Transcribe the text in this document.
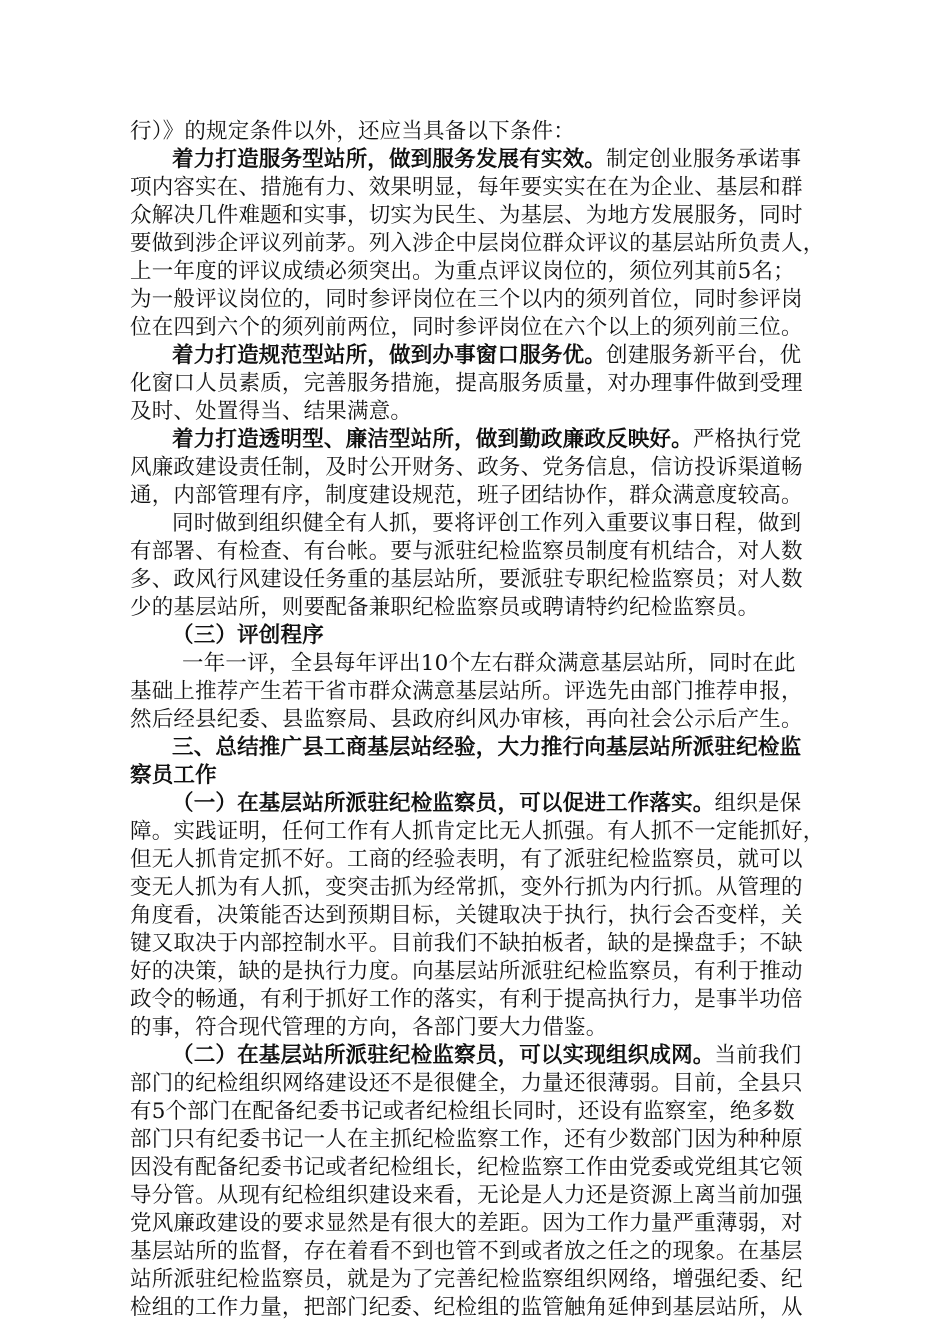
行）》的规定条件以外，还应当具备以下条件：
着力打造服务型站所，做到服务发展有实效。制定创业服务承诺事
项内容实在、措施有力、效果明显，每年要实实在在为企业、基层和群
众解决几件难题和实事，切实为民生、为基层、为地方发展服务，同时
要做到涉企评议列前茅。列入涉企中层岗位群众评议的基层站所负责人，
上一年度的评议成绩必须突出。为重点评议岗位的，须位列其前5名；
为一般评议岗位的，同时参评岗位在三个以内的须列首位，同时参评岗
位在四到六个的须列前两位，同时参评岗位在六个以上的须列前三位。
着力打造规范型站所，做到办事窗口服务优。创建服务新平台，优
化窗口人员素质，完善服务措施，提高服务质量，对办理事件做到受理
及时、处置得当、结果满意。
着力打造透明型、廉洁型站所，做到勤政廉政反映好。严格执行党
风廉政建设责任制，及时公开财务、政务、党务信息，信访投诉渠道畅
通，内部管理有序，制度建设规范，班子团结协作，群众满意度较高。
同时做到组织健全有人抓，要将评创工作列入重要议事日程，做到
有部署、有检查、有台帐。要与派驻纪检监察员制度有机结合，对人数
多、政风行风建设任务重的基层站所，要派驻专职纪检监察员；对人数
少的基层站所，则要配备兼职纪检监察员或聘请特约纪检监察员。
（三）评创程序
一年一评，全县每年评出10个左右群众满意基层站所，同时在此
基础上推荐产生若干省市群众满意基层站所。评选先由部门推荐申报，
然后经县纪委、县监察局、县政府纠风办审核，再向社会公示后产生。
三、总结推广县工商基层站经验，大力推行向基层站所派驻纪检监
察员工作
（一）在基层站所派驻纪检监察员，可以促进工作落实。组织是保
障。实践证明，任何工作有人抓肯定比无人抓强。有人抓不一定能抓好，
但无人抓肯定抓不好。工商的经验表明，有了派驻纪检监察员，就可以
变无人抓为有人抓，变突击抓为经常抓，变外行抓为内行抓。从管理的
角度看，决策能否达到预期目标，关键取决于执行，执行会否变样，关
键又取决于内部控制水平。目前我们不缺拍板者，缺的是操盘手；不缺
好的决策，缺的是执行力度。向基层站所派驻纪检监察员，有利于推动
政令的畅通，有利于抓好工作的落实，有利于提高执行力，是事半功倍
的事，符合现代管理的方向，各部门要大力借鉴。
（二）在基层站所派驻纪检监察员，可以实现组织成网。当前我们
部门的纪检组织网络建设还不是很健全，力量还很薄弱。目前，全县只
有5个部门在配备纪委书记或者纪检组长同时，还设有监察室，绝多数
部门只有纪委书记一人在主抓纪检监察工作，还有少数部门因为种种原
因没有配备纪委书记或者纪检组长，纪检监察工作由党委或党组其它领
导分管。从现有纪检组织建设来看，无论是人力还是资源上离当前加强
党风廉政建设的要求显然是有很大的差距。因为工作力量严重薄弱，对
基层站所的监督，存在着看不到也管不到或者放之任之的现象。在基层
站所派驻纪检监察员，就是为了完善纪检监察组织网络，增强纪委、纪
检组的工作力量，把部门纪委、纪检组的监管触角延伸到基层站所，从
